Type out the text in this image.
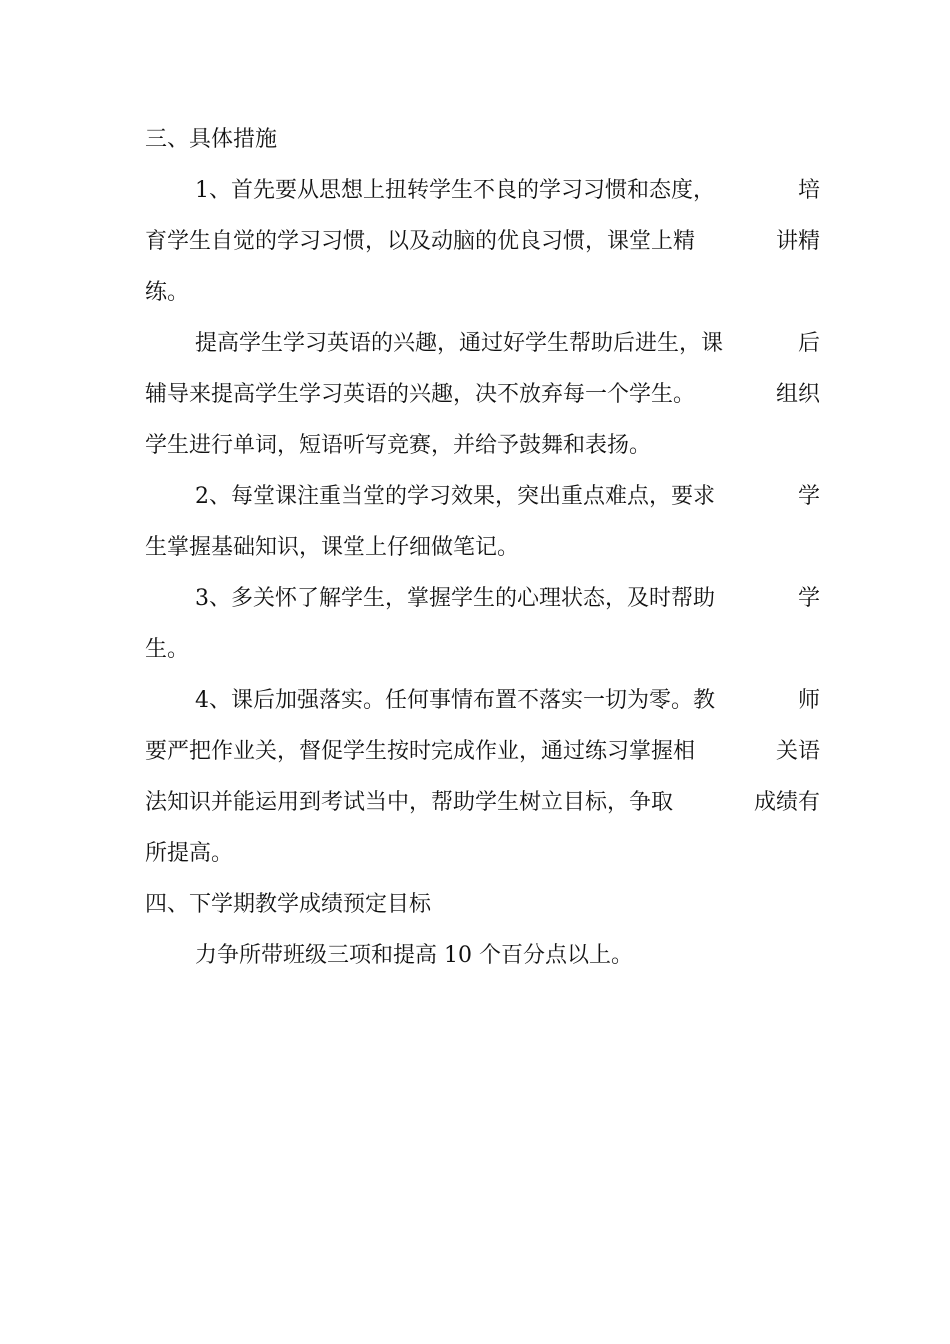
三、具体措施
1、首先要从思想上扭转学生不良的学习习惯和态度，	培
育学生自觉的学习习惯，以及动脑的优良习惯，课堂上精	讲精
练。
提高学生学习英语的兴趣，通过好学生帮助后进生，课	后
辅导来提高学生学习英语的兴趣，决不放弃每一个学生。	组织
学生进行单词，短语听写竞赛，并给予鼓舞和表扬。
2、每堂课注重当堂的学习效果，突出重点难点，要求	学
生掌握基础知识，课堂上仔细做笔记。
3、多关怀了解学生，掌握学生的心理状态，及时帮助	学
生。
4、课后加强落实。任何事情布置不落实一切为零。教	师
要严把作业关，督促学生按时完成作业，通过练习掌握相	关语
法知识并能运用到考试当中，帮助学生树立目标，争取	成绩有
所提高。
四、下学期教学成绩预定目标
力争所带班级三项和提高 10 个百分点以上。
